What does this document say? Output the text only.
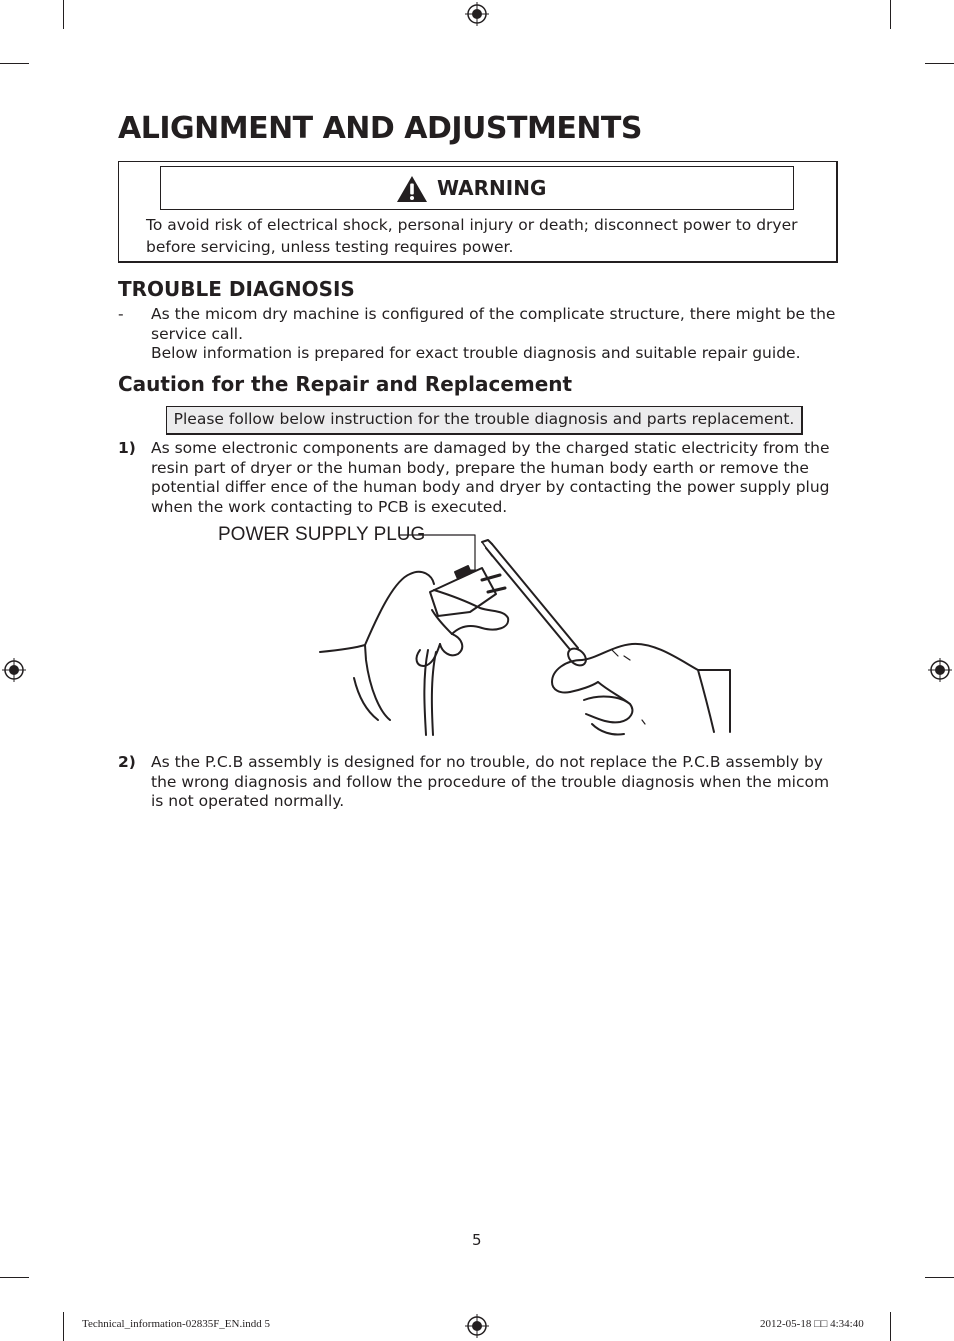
ALIGNMENT AND ADJUSTMENTS
WARNING
To avoid risk of electrical shock, personal injury or death; disconnect power to dryer before servicing, unless testing requires power.
TROUBLE DIAGNOSIS
- As the micom dry machine is configured of the complicate structure, there might be the service call.
Below information is prepared for exact trouble diagnosis and suitable repair guide.
Caution for the Repair and Replacement
Please follow below instruction for the trouble diagnosis and parts replacement.
1) As some electronic components are damaged by the charged static electricity from the resin part of dryer or the human body, prepare the human body earth or remove the potential differ ence of the human body and dryer by contacting the power supply plug when the work contacting to PCB is executed.
POWER SUPPLY PLUG
2) As the P.C.B assembly is designed for no trouble, do not replace the P.C.B assembly by the wrong diagnosis and follow the procedure of the trouble diagnosis when the micom is not operated normally.
5
Technical_information-02835F_EN.indd 5	2012-05-18 □□ 4:34:40
